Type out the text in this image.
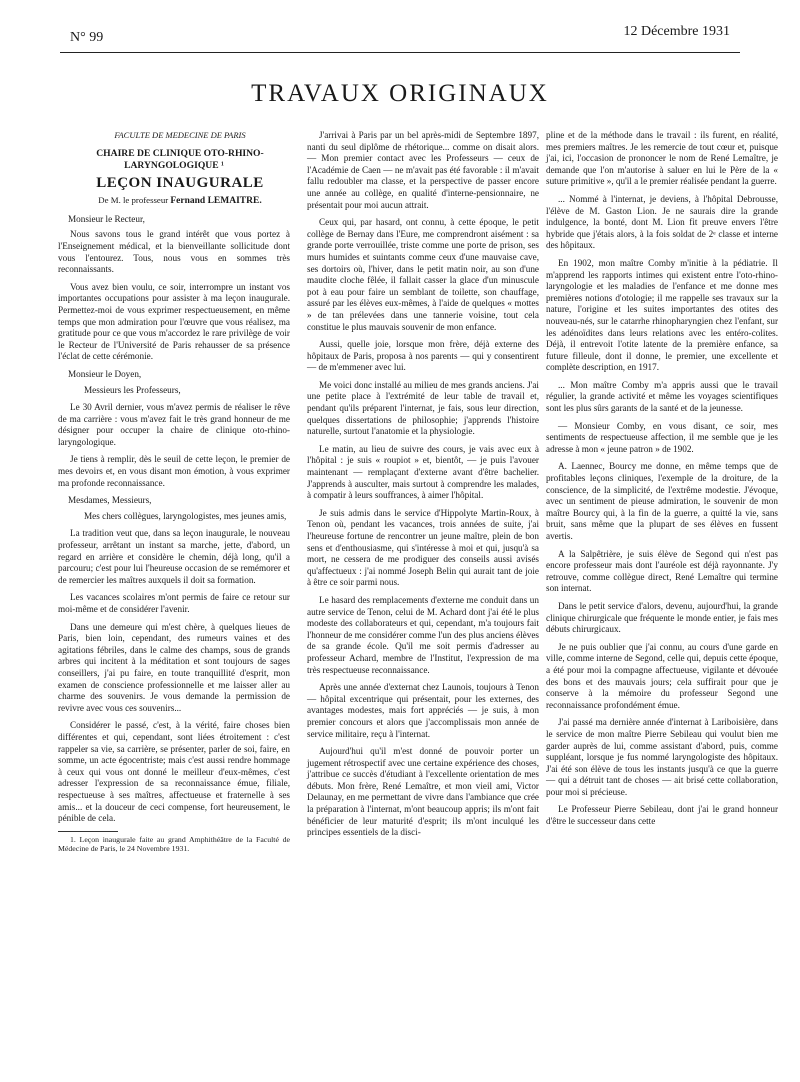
N° 99	12 Décembre 1931
TRAVAUX ORIGINAUX

FACULTE DE MEDECINE DE PARIS

CHAIRE DE CLINIQUE OTO-RHINO-LARYNGOLOGIQUE ¹

LEÇON INAUGURALE

De M. le professeur Fernand LEMAITRE.

Monsieur le Recteur,

Nous savons tous le grand intérêt que vous portez à l'Enseignement médical, et la bienveillante sollicitude dont vous l'entourez. Tous, nous vous en sommes très reconnaissants.

Vous avez bien voulu, ce soir, interrompre un instant vos importantes occupations pour assister à ma leçon inaugurale. Permettez-moi de vous exprimer respectueusement, en même temps que mon admiration pour l'œuvre que vous réalisez, ma gratitude pour ce que vous m'accordez le rare privilège de voir le Recteur de l'Université de Paris rehausser de sa présence l'éclat de cette cérémonie.

Monsieur le Doyen,

Messieurs les Professeurs,

Le 30 Avril dernier, vous m'avez permis de réaliser le rêve de ma carrière : vous m'avez fait le très grand honneur de me désigner pour occuper la chaire de clinique oto-rhino-laryngologique.

Je tiens à remplir, dès le seuil de cette leçon, le premier de mes devoirs et, en vous disant mon émotion, à vous exprimer ma profonde reconnaissance.

Mesdames, Messieurs,

Mes chers collègues, laryngologistes, mes jeunes amis,

La tradition veut que, dans sa leçon inaugurale, le nouveau professeur, arrêtant un instant sa marche, jette, d'abord, un regard en arrière et considère le chemin, déjà long, qu'il a parcouru; c'est pour lui l'heureuse occasion de se remémorer et de remercier les maîtres auxquels il doit sa formation.

Les vacances scolaires m'ont permis de faire ce retour sur moi-même et de considérer l'avenir.

Dans une demeure qui m'est chère, à quelques lieues de Paris, bien loin, cependant, des rumeurs vaines et des agitations fébriles, dans le calme des champs, sous de grands arbres qui incitent à la méditation et sont toujours de sages conseillers, j'ai pu faire, en toute tranquillité d'esprit, mon examen de conscience professionnelle et me laisser aller au charme des souvenirs. Je vous demande la permission de revivre avec vous ces souvenirs...

Considérer le passé, c'est, à la vérité, faire choses bien différentes et qui, cependant, sont liées étroitement : c'est rappeler sa vie, sa carrière, se présenter, parler de soi, faire, en somme, un acte égocentriste; mais c'est aussi rendre hommage à ceux qui vous ont donné le meilleur d'eux-mêmes, c'est adresser l'expression de sa reconnaissance émue, filiale, respectueuse à ses maîtres, affectueuse et fraternelle à ses amis... et la douceur de ceci compense, fort heureusement, le pénible de cela.

1. Leçon inaugurale faite au grand Amphithéâtre de la Faculté de Médecine de Paris, le 24 Novembre 1931.

J'arrivai à Paris par un bel après-midi de Septembre 1897, nanti du seul diplôme de rhétorique... comme on disait alors. — Mon premier contact avec les Professeurs — ceux de l'Académie de Caen — ne m'avait pas été favorable : il m'avait fallu redoubler ma classe, et la perspective de passer encore une année au collège, en qualité d'interne-pensionnaire, ne présentait pour moi aucun attrait.

Ceux qui, par hasard, ont connu, à cette époque, le petit collège de Bernay dans l'Eure, me comprendront aisément : sa grande porte verrouillée, triste comme une porte de prison, ses murs humides et suintants comme ceux d'une mauvaise cave, ses dortoirs où, l'hiver, dans le petit matin noir, au son d'une maudite cloche fêlée, il fallait casser la glace d'un minuscule pot à eau pour faire un semblant de toilette, son chauffage, assuré par les élèves eux-mêmes, à l'aide de quelques « mottes » de tan prélevées dans une tannerie voisine, tout cela constitue le plus mauvais souvenir de mon enfance.

Aussi, quelle joie, lorsque mon frère, déjà externe des hôpitaux de Paris, proposa à nos parents — qui y consentirent — de m'emmener avec lui.

Me voici donc installé au milieu de mes grands anciens. J'ai une petite place à l'extrémité de leur table de travail et, pendant qu'ils préparent l'internat, je fais, sous leur direction, quelques dissertations de philosophie; j'apprends l'histoire naturelle, surtout l'anatomie et la physiologie.

Le matin, au lieu de suivre des cours, je vais avec eux à l'hôpital : je suis « roupiot » et, bientôt, — je puis l'avouer maintenant — remplaçant d'externe avant d'être bachelier. J'apprends à ausculter, mais surtout à comprendre les malades, à compatir à leurs souffrances, à aimer l'hôpital.

Je suis admis dans le service d'Hippolyte Martin-Roux, à Tenon où, pendant les vacances, trois années de suite, j'ai l'heureuse fortune de rencontrer un jeune maître, plein de bon sens et d'enthousiasme, qui s'intéresse à moi et qui, jusqu'à sa mort, ne cessera de me prodiguer des conseils aussi avisés qu'affectueux : j'ai nommé Joseph Belin qui aurait tant de joie à être ce soir parmi nous.

Le hasard des remplacements d'externe me conduit dans un autre service de Tenon, celui de M. Achard dont j'ai été le plus modeste des collaborateurs et qui, cependant, m'a toujours fait l'honneur de me considérer comme l'un des plus anciens élèves de sa grande école. Qu'il me soit permis d'adresser au professeur Achard, membre de l'Institut, l'expression de ma très respectueuse reconnaissance.

Après une année d'externat chez Launois, toujours à Tenon — hôpital excentrique qui présentait, pour les externes, des avantages modestes, mais fort appréciés — je suis, à mon premier concours et alors que j'accomplissais mon année de service militaire, reçu à l'internat.

Aujourd'hui qu'il m'est donné de pouvoir porter un jugement rétrospectif avec une certaine expérience des choses, j'attribue ce succès d'étudiant à l'excellente orientation de mes débuts. Mon frère, René Lemaître, et mon vieil ami, Victor Delaunay, en me permettant de vivre dans l'ambiance que crée la préparation à l'internat, m'ont beaucoup appris; ils m'ont fait bénéficier de leur maturité d'esprit; ils m'ont inculqué les principes essentiels de la disci-

pline et de la méthode dans le travail : ils furent, en réalité, mes premiers maîtres. Je les remercie de tout cœur et, puisque j'ai, ici, l'occasion de prononcer le nom de René Lemaître, je demande que l'on m'autorise à saluer en lui le Père de la « suture primitive », qu'il a le premier réalisée pendant la guerre.

... Nommé à l'internat, je deviens, à l'hôpital Debrousse, l'élève de M. Gaston Lion. Je ne saurais dire la grande indulgence, la bonté, dont M. Lion fit preuve envers l'être hybride que j'étais alors, à la fois soldat de 2ᵉ classe et interne des hôpitaux.

En 1902, mon maître Comby m'initie à la pédiatrie. Il m'apprend les rapports intimes qui existent entre l'oto-rhino-laryngologie et les maladies de l'enfance et me donne mes premières notions d'otologie; il me rappelle ses travaux sur la nature, l'origine et les suites importantes des otites des nouveau-nés, sur le catarrhe rhinopharyngien chez l'enfant, sur les adénoïdites dans leurs relations avec les entéro-colites. Déjà, il entrevoit l'otite latente de la première enfance, sa future filleule, dont il donne, le premier, une excellente et complète description, en 1917.

... Mon maître Comby m'a appris aussi que le travail régulier, la grande activité et même les voyages scientifiques sont les plus sûrs garants de la santé et de la jeunesse.

— Monsieur Comby, en vous disant, ce soir, mes sentiments de respectueuse affection, il me semble que je les adresse à mon « jeune patron » de 1902.

A. Laennec, Bourcy me donne, en même temps que de profitables leçons cliniques, l'exemple de la droiture, de la conscience, de la simplicité, de l'extrême modestie. J'évoque, avec un sentiment de pieuse admiration, le souvenir de mon maître Bourcy qui, à la fin de la guerre, a quitté la vie, sans bruit, sans même que la plupart de ses élèves en fussent avertis.

A la Salpêtrière, je suis élève de Segond qui n'est pas encore professeur mais dont l'auréole est déjà rayonnante. J'y retrouve, comme collègue direct, René Lemaître qui termine son internat.

Dans le petit service d'alors, devenu, aujourd'hui, la grande clinique chirurgicale que fréquente le monde entier, je fais mes débuts chirurgicaux.

Je ne puis oublier que j'ai connu, au cours d'une garde en ville, comme interne de Segond, celle qui, depuis cette époque, a été pour moi la compagne affectueuse, vigilante et dévouée des bons et des mauvais jours; cela suffirait pour que je conserve à la mémoire du professeur Segond une reconnaissance profondément émue.

J'ai passé ma dernière année d'internat à Lariboisière, dans le service de mon maître Pierre Sebileau qui voulut bien me garder auprès de lui, comme assistant d'abord, puis, comme suppléant, lorsque je fus nommé laryngologiste des hôpitaux. J'ai été son élève de tous les instants jusqu'à ce que la guerre — qui a détruit tant de choses — ait brisé cette collaboration, pour moi si précieuse.

Le Professeur Pierre Sebileau, dont j'ai le grand honneur d'être le successeur dans cette
